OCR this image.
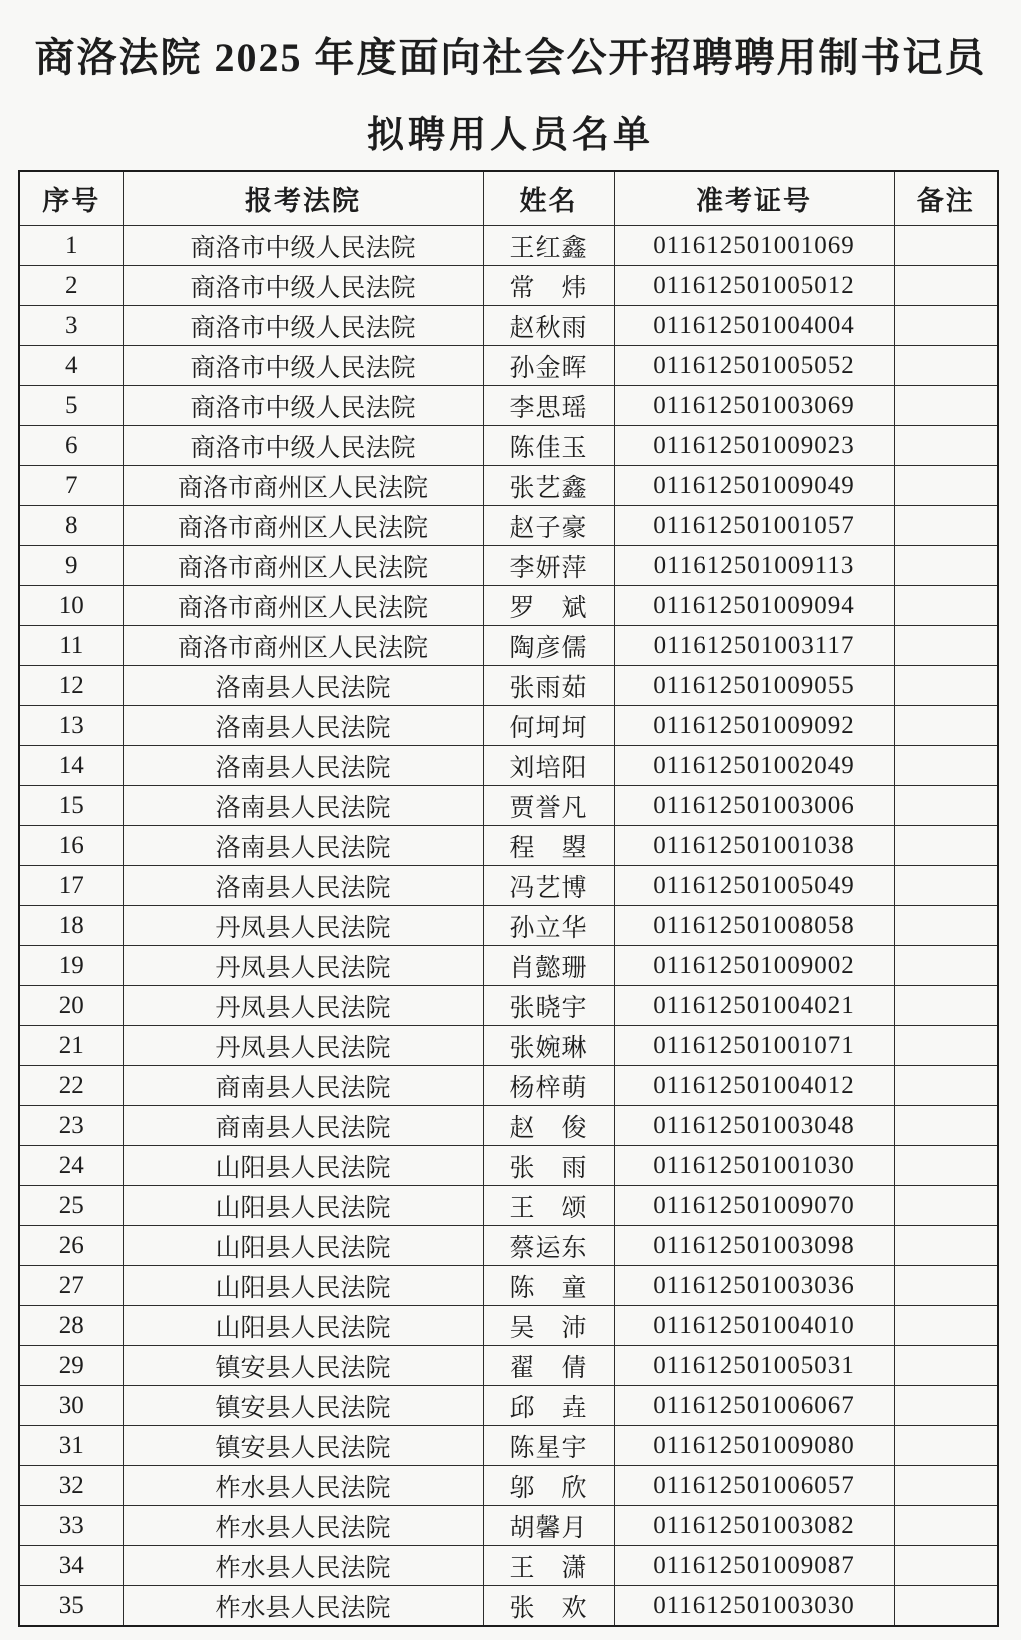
商洛法院 2025 年度面向社会公开招聘聘用制书记员
拟聘用人员名单
序号	报考法院	姓名	准考证号	备注
1	商洛市中级人民法院	王红鑫	011612501001069	
2	商洛市中级人民法院	常　炜	011612501005012	
3	商洛市中级人民法院	赵秋雨	011612501004004	
4	商洛市中级人民法院	孙金晖	011612501005052	
5	商洛市中级人民法院	李思瑶	011612501003069	
6	商洛市中级人民法院	陈佳玉	011612501009023	
7	商洛市商州区人民法院	张艺鑫	011612501009049	
8	商洛市商州区人民法院	赵子豪	011612501001057	
9	商洛市商州区人民法院	李妍萍	011612501009113	
10	商洛市商州区人民法院	罗　斌	011612501009094	
11	商洛市商州区人民法院	陶彦儒	011612501003117	
12	洛南县人民法院	张雨茹	011612501009055	
13	洛南县人民法院	何坷坷	011612501009092	
14	洛南县人民法院	刘培阳	011612501002049	
15	洛南县人民法院	贾誉凡	011612501003006	
16	洛南县人民法院	程　曌	011612501001038	
17	洛南县人民法院	冯艺博	011612501005049	
18	丹凤县人民法院	孙立华	011612501008058	
19	丹凤县人民法院	肖懿珊	011612501009002	
20	丹凤县人民法院	张晓宇	011612501004021	
21	丹凤县人民法院	张婉琳	011612501001071	
22	商南县人民法院	杨梓萌	011612501004012	
23	商南县人民法院	赵　俊	011612501003048	
24	山阳县人民法院	张　雨	011612501001030	
25	山阳县人民法院	王　颂	011612501009070	
26	山阳县人民法院	蔡运东	011612501003098	
27	山阳县人民法院	陈　童	011612501003036	
28	山阳县人民法院	吴　沛	011612501004010	
29	镇安县人民法院	翟　倩	011612501005031	
30	镇安县人民法院	邱　垚	011612501006067	
31	镇安县人民法院	陈星宇	011612501009080	
32	柞水县人民法院	邬　欣	011612501006057	
33	柞水县人民法院	胡馨月	011612501003082	
34	柞水县人民法院	王　潇	011612501009087	
35	柞水县人民法院	张　欢	011612501003030	
